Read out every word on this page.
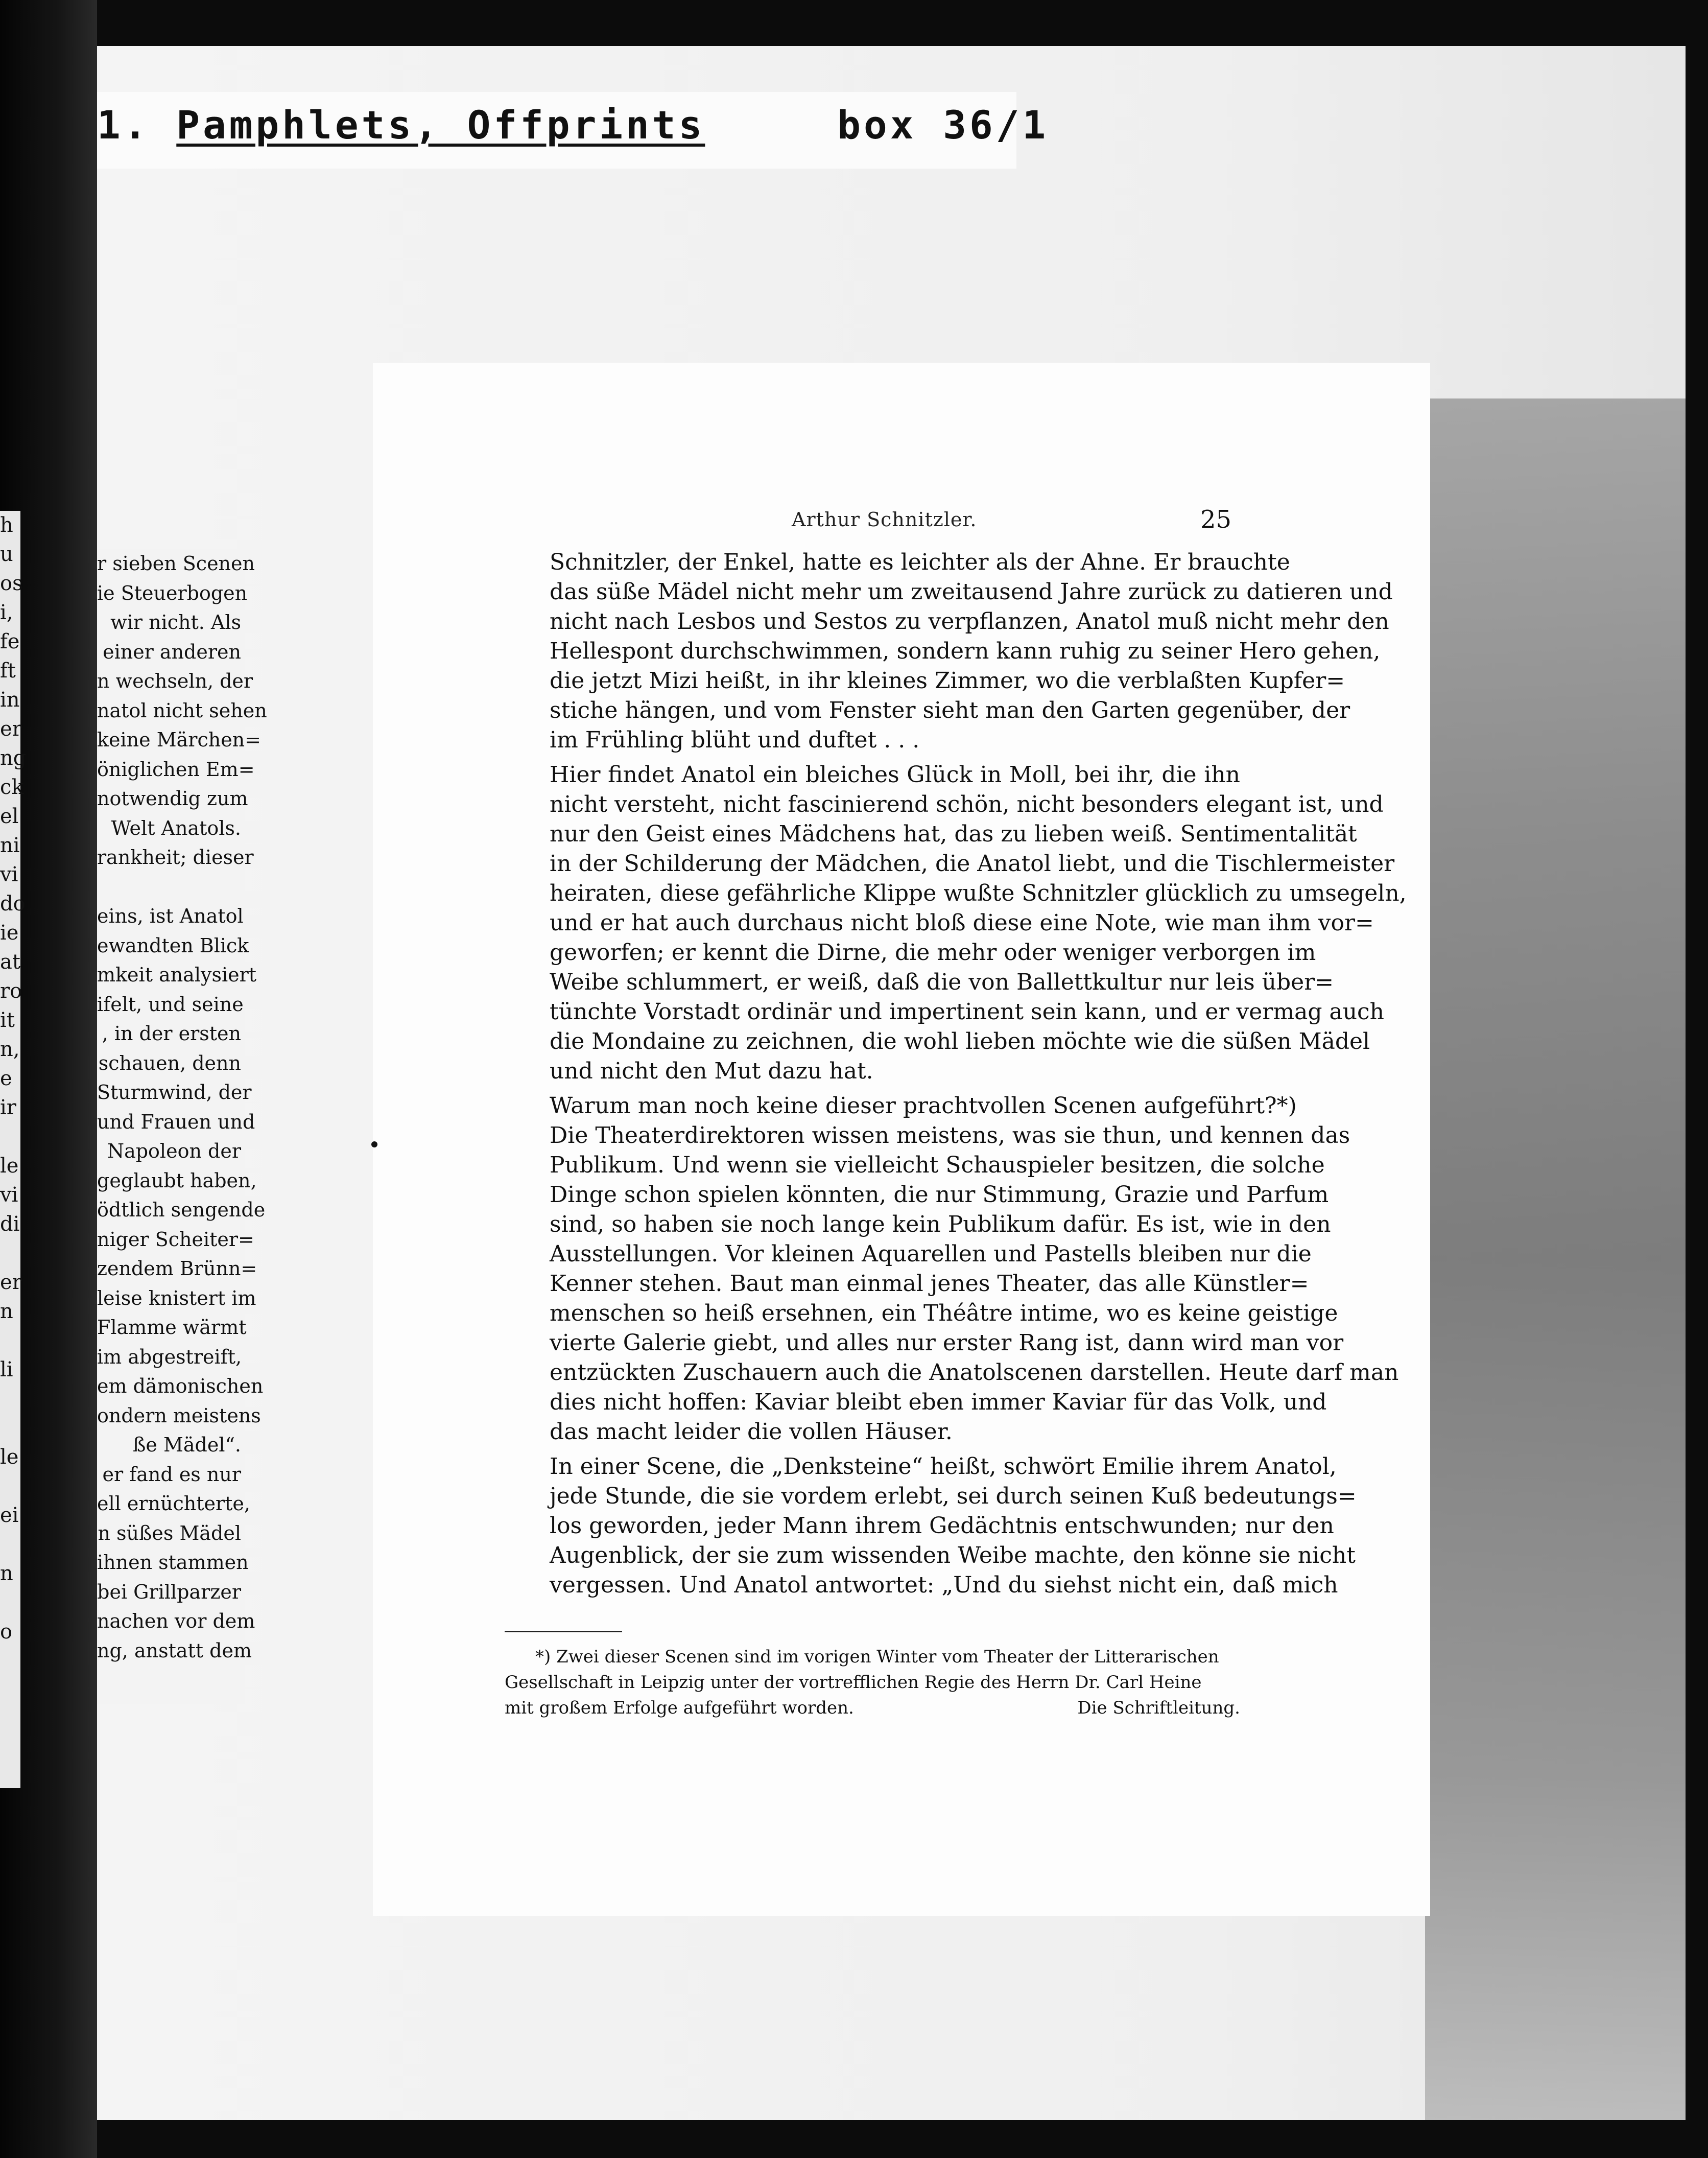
h
u
os
i,
fe
ft
in
er
ng
ck
el
ni
vi
do
ie
at
ro
it
n,
e
ir

le
vi
di

er
n

li

le

ei

n

o
1. Pamphlets, Offprints	box 36/1
r sieben Scenen
ie Steuerbogen
wir nicht. Als
einer anderen
n wechseln, der
natol nicht sehen
keine Märchen=
öniglichen Em=
notwendig zum
Welt Anatols.
rankheit; dieser

eins, ist Anatol
ewandten Blick
mkeit analysiert
ifelt, und seine
, in der ersten
schauen, denn
Sturmwind, der
und Frauen und
Napoleon der
geglaubt haben,
ödtlich sengende
niger Scheiter=
zendem Brünn=
leise knistert im
Flamme wärmt
im abgestreift,
em dämonischen
ondern meistens
ße Mädel“.
er fand es nur
ell ernüchterte,
n süßes Mädel
ihnen stammen
bei Grillparzer
nachen vor dem
ng, anstatt dem
Arthur Schnitzler.	25

Schnitzler, der Enkel, hatte es leichter als der Ahne. Er brauchte
das süße Mädel nicht mehr um zweitausend Jahre zurück zu datieren und
nicht nach Lesbos und Sestos zu verpflanzen, Anatol muß nicht mehr den
Hellespont durchschwimmen, sondern kann ruhig zu seiner Hero gehen,
die jetzt Mizi heißt, in ihr kleines Zimmer, wo die verblaßten Kupfer=
stiche hängen, und vom Fenster sieht man den Garten gegenüber, der
im Frühling blüht und duftet . . .

Hier findet Anatol ein bleiches Glück in Moll, bei ihr, die ihn
nicht versteht, nicht fascinierend schön, nicht besonders elegant ist, und
nur den Geist eines Mädchens hat, das zu lieben weiß. Sentimentalität
in der Schilderung der Mädchen, die Anatol liebt, und die Tischlermeister
heiraten, diese gefährliche Klippe wußte Schnitzler glücklich zu umsegeln,
und er hat auch durchaus nicht bloß diese eine Note, wie man ihm vor=
geworfen; er kennt die Dirne, die mehr oder weniger verborgen im
Weibe schlummert, er weiß, daß die von Ballettkultur nur leis über=
tünchte Vorstadt ordinär und impertinent sein kann, und er vermag auch
die Mondaine zu zeichnen, die wohl lieben möchte wie die süßen Mädel
und nicht den Mut dazu hat.

Warum man noch keine dieser prachtvollen Scenen aufgeführt?*)
Die Theaterdirektoren wissen meistens, was sie thun, und kennen das
Publikum. Und wenn sie vielleicht Schauspieler besitzen, die solche
Dinge schon spielen könnten, die nur Stimmung, Grazie und Parfum
sind, so haben sie noch lange kein Publikum dafür. Es ist, wie in den
Ausstellungen. Vor kleinen Aquarellen und Pastells bleiben nur die
Kenner stehen. Baut man einmal jenes Theater, das alle Künstler=
menschen so heiß ersehnen, ein Théâtre intime, wo es keine geistige
vierte Galerie giebt, und alles nur erster Rang ist, dann wird man vor
entzückten Zuschauern auch die Anatolscenen darstellen. Heute darf man
dies nicht hoffen: Kaviar bleibt eben immer Kaviar für das Volk, und
das macht leider die vollen Häuser.

In einer Scene, die „Denksteine“ heißt, schwört Emilie ihrem Anatol,
jede Stunde, die sie vordem erlebt, sei durch seinen Kuß bedeutungs=
los geworden, jeder Mann ihrem Gedächtnis entschwunden; nur den
Augenblick, der sie zum wissenden Weibe machte, den könne sie nicht
vergessen. Und Anatol antwortet: „Und du siehst nicht ein, daß mich

*) Zwei dieser Scenen sind im vorigen Winter vom Theater der Litterarischen
Gesellschaft in Leipzig unter der vortrefflichen Regie des Herrn Dr. Carl Heine
mit großem Erfolge aufgeführt worden.	Die Schriftleitung.
